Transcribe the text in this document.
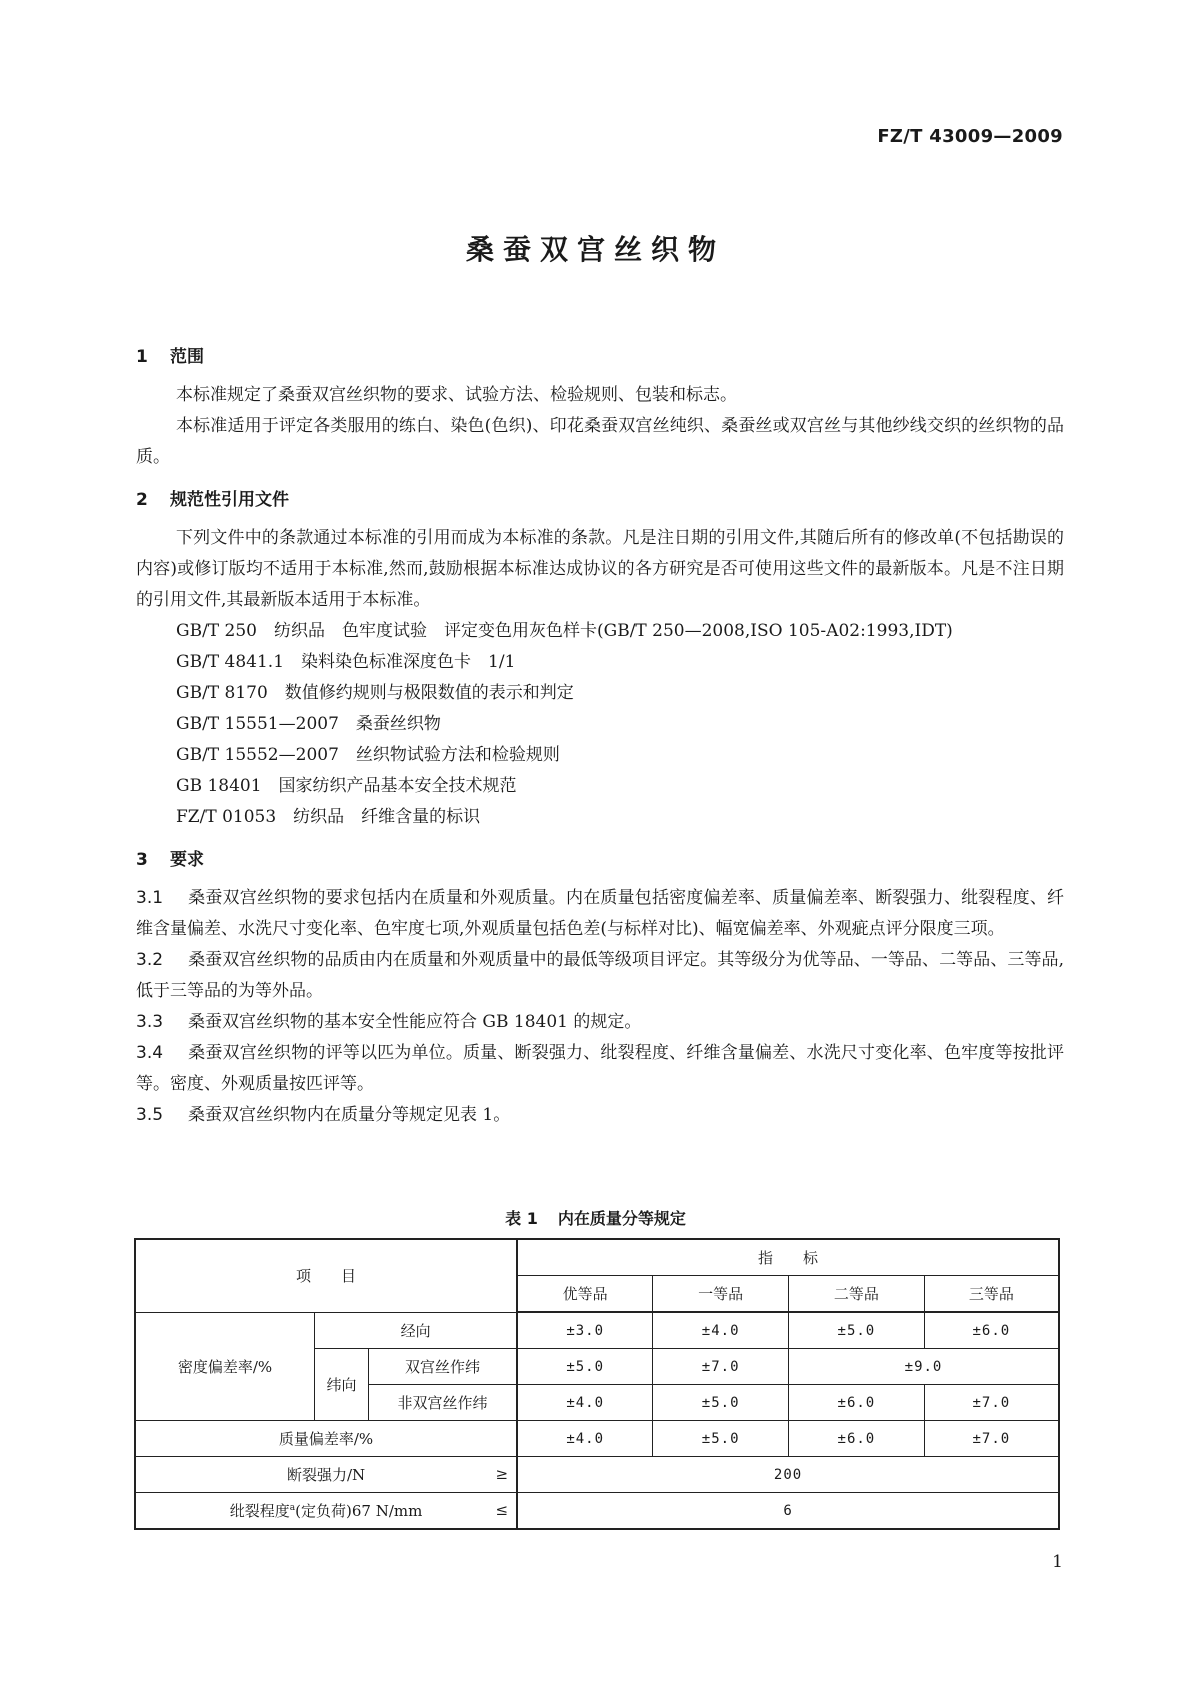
FZ/T 43009—2009
桑蚕双宫丝织物
1 范围
本标准规定了桑蚕双宫丝织物的要求、试验方法、检验规则、包装和标志。
本标准适用于评定各类服用的练白、染色(色织)、印花桑蚕双宫丝纯织、桑蚕丝或双宫丝与其他纱线交织的丝织物的品质。
2 规范性引用文件
下列文件中的条款通过本标准的引用而成为本标准的条款。凡是注日期的引用文件,其随后所有的修改单(不包括勘误的内容)或修订版均不适用于本标准,然而,鼓励根据本标准达成协议的各方研究是否可使用这些文件的最新版本。凡是不注日期的引用文件,其最新版本适用于本标准。
GB/T 250　纺织品　色牢度试验　评定变色用灰色样卡(GB/T 250—2008,ISO 105-A02:1993,IDT)
GB/T 4841.1　染料染色标准深度色卡　1/1
GB/T 8170　数值修约规则与极限数值的表示和判定
GB/T 15551—2007　桑蚕丝织物
GB/T 15552—2007　丝织物试验方法和检验规则
GB 18401　国家纺织产品基本安全技术规范
FZ/T 01053　纺织品　纤维含量的标识
3 要求
3.1 桑蚕双宫丝织物的要求包括内在质量和外观质量。内在质量包括密度偏差率、质量偏差率、断裂强力、纰裂程度、纤维含量偏差、水洗尺寸变化率、色牢度七项,外观质量包括色差(与标样对比)、幅宽偏差率、外观疵点评分限度三项。
3.2 桑蚕双宫丝织物的品质由内在质量和外观质量中的最低等级项目评定。其等级分为优等品、一等品、二等品、三等品,低于三等品的为等外品。
3.3 桑蚕双宫丝织物的基本安全性能应符合 GB 18401 的规定。
3.4 桑蚕双宫丝织物的评等以匹为单位。质量、断裂强力、纰裂程度、纤维含量偏差、水洗尺寸变化率、色牢度等按批评等。密度、外观质量按匹评等。
3.5 桑蚕双宫丝织物内在质量分等规定见表 1。
表 1 内在质量分等规定
项　　目			指　　标			
			优等品	一等品	二等品	三等品
密度偏差率/%	经向		±3.0	±4.0	±5.0	±6.0
	纬向	双宫丝作纬	±5.0	±7.0	±9.0	
		非双宫丝作纬	±4.0	±5.0	±6.0	±7.0
质量偏差率/%			±4.0	±5.0	±6.0	±7.0
断裂强力/N ≥			200			
纰裂程度$^a$(定负荷)67 N/mm ≤			6			
1
